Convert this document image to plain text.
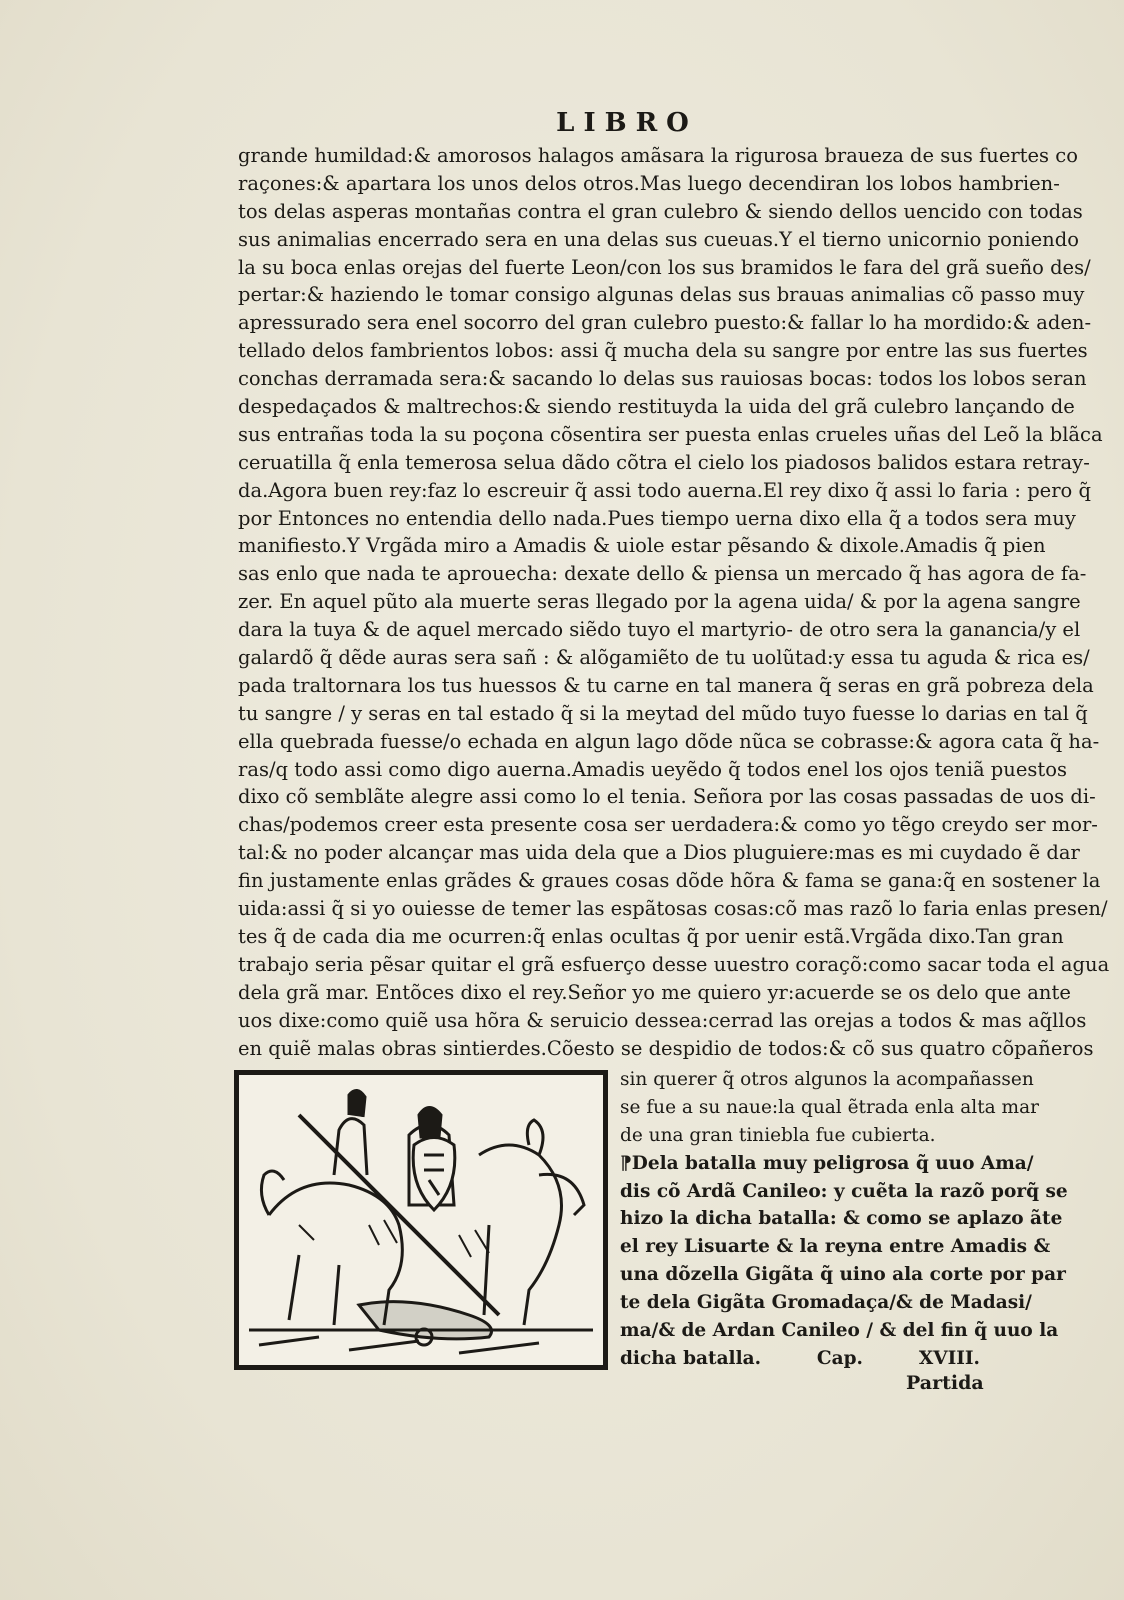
LIBRO
grande humildad:& amorosos halagos amãsara la rigurosa braueza de sus fuertes co
raçones:& apartara los unos delos otros.Mas luego decendiran los lobos hambrien-
tos delas asperas montañas contra el gran culebro & siendo dellos uencido con todas
sus animalias encerrado sera en una delas sus cueuas.Y el tierno unicornio poniendo
la su boca enlas orejas del fuerte Leon/con los sus bramidos le fara del grã sueño des/
pertar:& haziendo le tomar consigo algunas delas sus brauas animalias cõ passo muy
apressurado sera enel socorro del gran culebro puesto:& fallar lo ha mordido:& aden-
tellado delos fambrientos lobos: assi q̃ mucha dela su sangre por entre las sus fuertes
conchas derramada sera:& sacando lo delas sus rauiosas bocas: todos los lobos seran
despedaçados & maltrechos:& siendo restituyda la uida del grã culebro lançando de
sus entrañas toda la su poçona cõsentira ser puesta enlas crueles uñas del Leõ la blãca
ceruatilla q̃ enla temerosa selua dãdo cõtra el cielo los piadosos balidos estara retray-
da.Agora buen rey:faz lo escreuir q̃ assi todo auerna.El rey dixo q̃ assi lo faria : pero q̃
por Entonces no entendia dello nada.Pues tiempo uerna dixo ella q̃ a todos sera muy
manifiesto.Y Vrgãda miro a Amadis & uiole estar pẽsando & dixole.Amadis q̃ pien
sas enlo que nada te aprouecha: dexate dello & piensa un mercado q̃ has agora de fa-
zer. En aquel pũto ala muerte seras llegado por la agena uida/ & por la agena sangre
dara la tuya & de aquel mercado siẽdo tuyo el martyrio- de otro sera la ganancia/y el
galardõ q̃ dẽde auras sera sañ : & alõgamiẽto de tu uolũtad:y essa tu aguda & rica es/
pada traltornara los tus huessos & tu carne en tal manera q̃ seras en grã pobreza dela
tu sangre / y seras en tal estado q̃ si la meytad del mũdo tuyo fuesse lo darias en tal q̃
ella quebrada fuesse/o echada en algun lago dõde nũca se cobrasse:& agora cata q̃ ha-
ras/q todo assi como digo auerna.Amadis ueyẽdo q̃ todos enel los ojos teniã puestos
dixo cõ semblãte alegre assi como lo el tenia. Señora por las cosas passadas de uos di-
chas/podemos creer esta presente cosa ser uerdadera:& como yo tẽgo creydo ser mor-
tal:& no poder alcançar mas uida dela que a Dios pluguiere:mas es mi cuydado ẽ dar
fin justamente enlas grãdes & graues cosas dõde hõra & fama se gana:q̃ en sostener la
uida:assi q̃ si yo ouiesse de temer las espãtosas cosas:cõ mas razõ lo faria enlas presen/
tes q̃ de cada dia me ocurren:q̃ enlas ocultas q̃ por uenir estã.Vrgãda dixo.Tan gran
trabajo seria pẽsar quitar el grã esfuerço desse uuestro coraçõ:como sacar toda el agua
dela grã mar. Entõces dixo el rey.Señor yo me quiero yr:acuerde se os delo que ante
uos dixe:como quiẽ usa hõra & seruicio dessea:cerrad las orejas a todos & mas aq̃llos
en quiẽ malas obras sintierdes.Cõesto se despidio de todos:& cõ sus quatro cõpañeros
sin querer q̃ otros algunos la acompañassen
se fue a su naue:la qual ẽtrada enla alta mar
de una gran tiniebla fue cubierta.
⁋Dela batalla muy peligrosa q̃ uuo Ama/
dis cõ Ardã Canileo: y cuẽta la razõ porq̃ se
hizo la dicha batalla: & como se aplazo ãte
el rey Lisuarte & la reyna entre Amadis &
una dõzella Gigãta q̃ uino ala corte por par
te dela Gigãta Gromadaça/& de Madasi/
ma/& de Ardan Canileo / & del fin q̃ uuo la
dicha batalla.	Cap.	XVIII.
Partida
